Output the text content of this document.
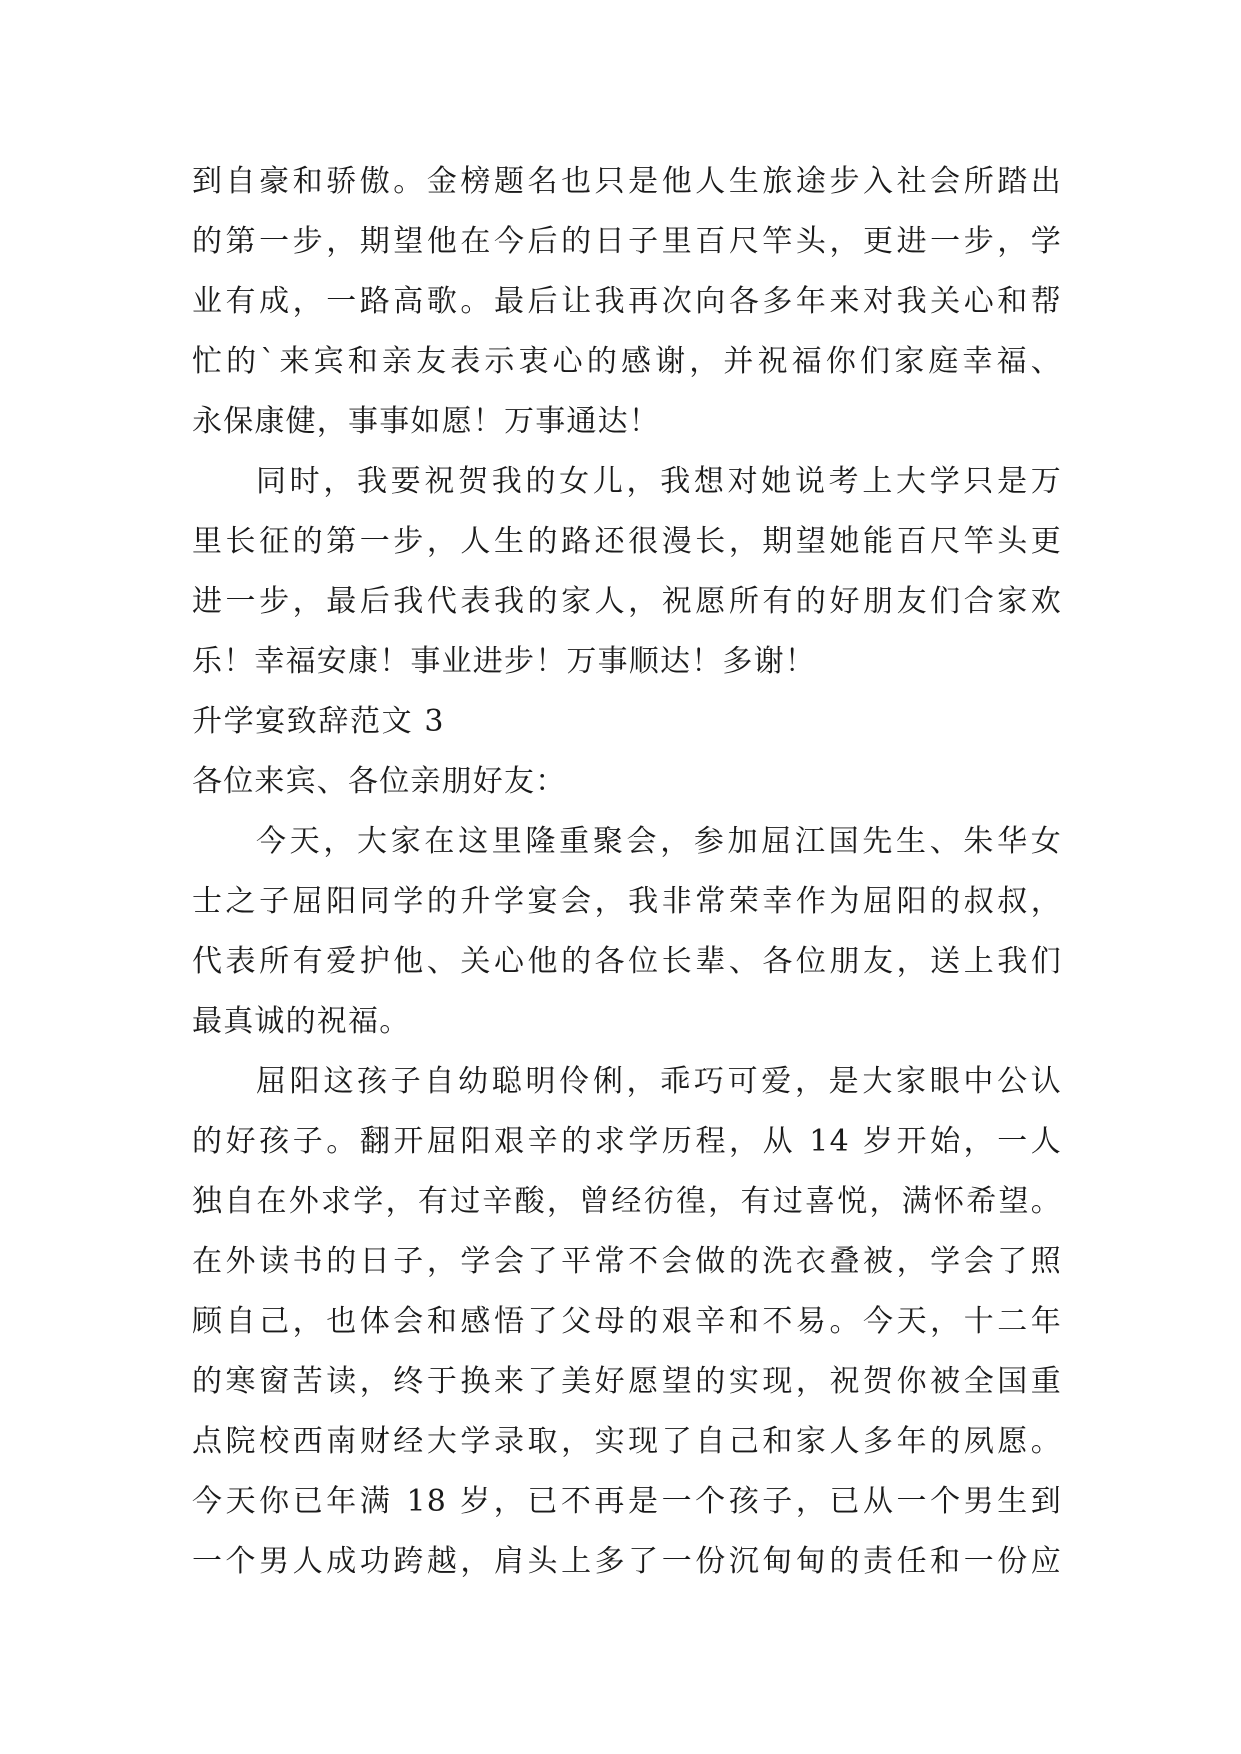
到自豪和骄傲。金榜题名也只是他人生旅途步入社会所踏出
的第一步，期望他在今后的日子里百尺竿头，更进一步，学
业有成，一路高歌。最后让我再次向各多年来对我关心和帮
忙的`来宾和亲友表示衷心的感谢，并祝福你们家庭幸福、
永保康健，事事如愿！万事通达！
同时，我要祝贺我的女儿，我想对她说考上大学只是万
里长征的第一步，人生的路还很漫长，期望她能百尺竿头更
进一步，最后我代表我的家人，祝愿所有的好朋友们合家欢
乐！幸福安康！事业进步！万事顺达！多谢！
升学宴致辞范文 3
各位来宾、各位亲朋好友：
今天，大家在这里隆重聚会，参加屈江国先生、朱华女
士之子屈阳同学的升学宴会，我非常荣幸作为屈阳的叔叔，
代表所有爱护他、关心他的各位长辈、各位朋友，送上我们
最真诚的祝福。
屈阳这孩子自幼聪明伶俐，乖巧可爱，是大家眼中公认
的好孩子。翻开屈阳艰辛的求学历程，从 14 岁开始，一人
独自在外求学，有过辛酸，曾经彷徨，有过喜悦，满怀希望。
在外读书的日子，学会了平常不会做的洗衣叠被，学会了照
顾自己，也体会和感悟了父母的艰辛和不易。今天，十二年
的寒窗苦读，终于换来了美好愿望的实现，祝贺你被全国重
点院校西南财经大学录取，实现了自己和家人多年的夙愿。
今天你已年满 18 岁，已不再是一个孩子，已从一个男生到
一个男人成功跨越，肩头上多了一份沉甸甸的责任和一份应
